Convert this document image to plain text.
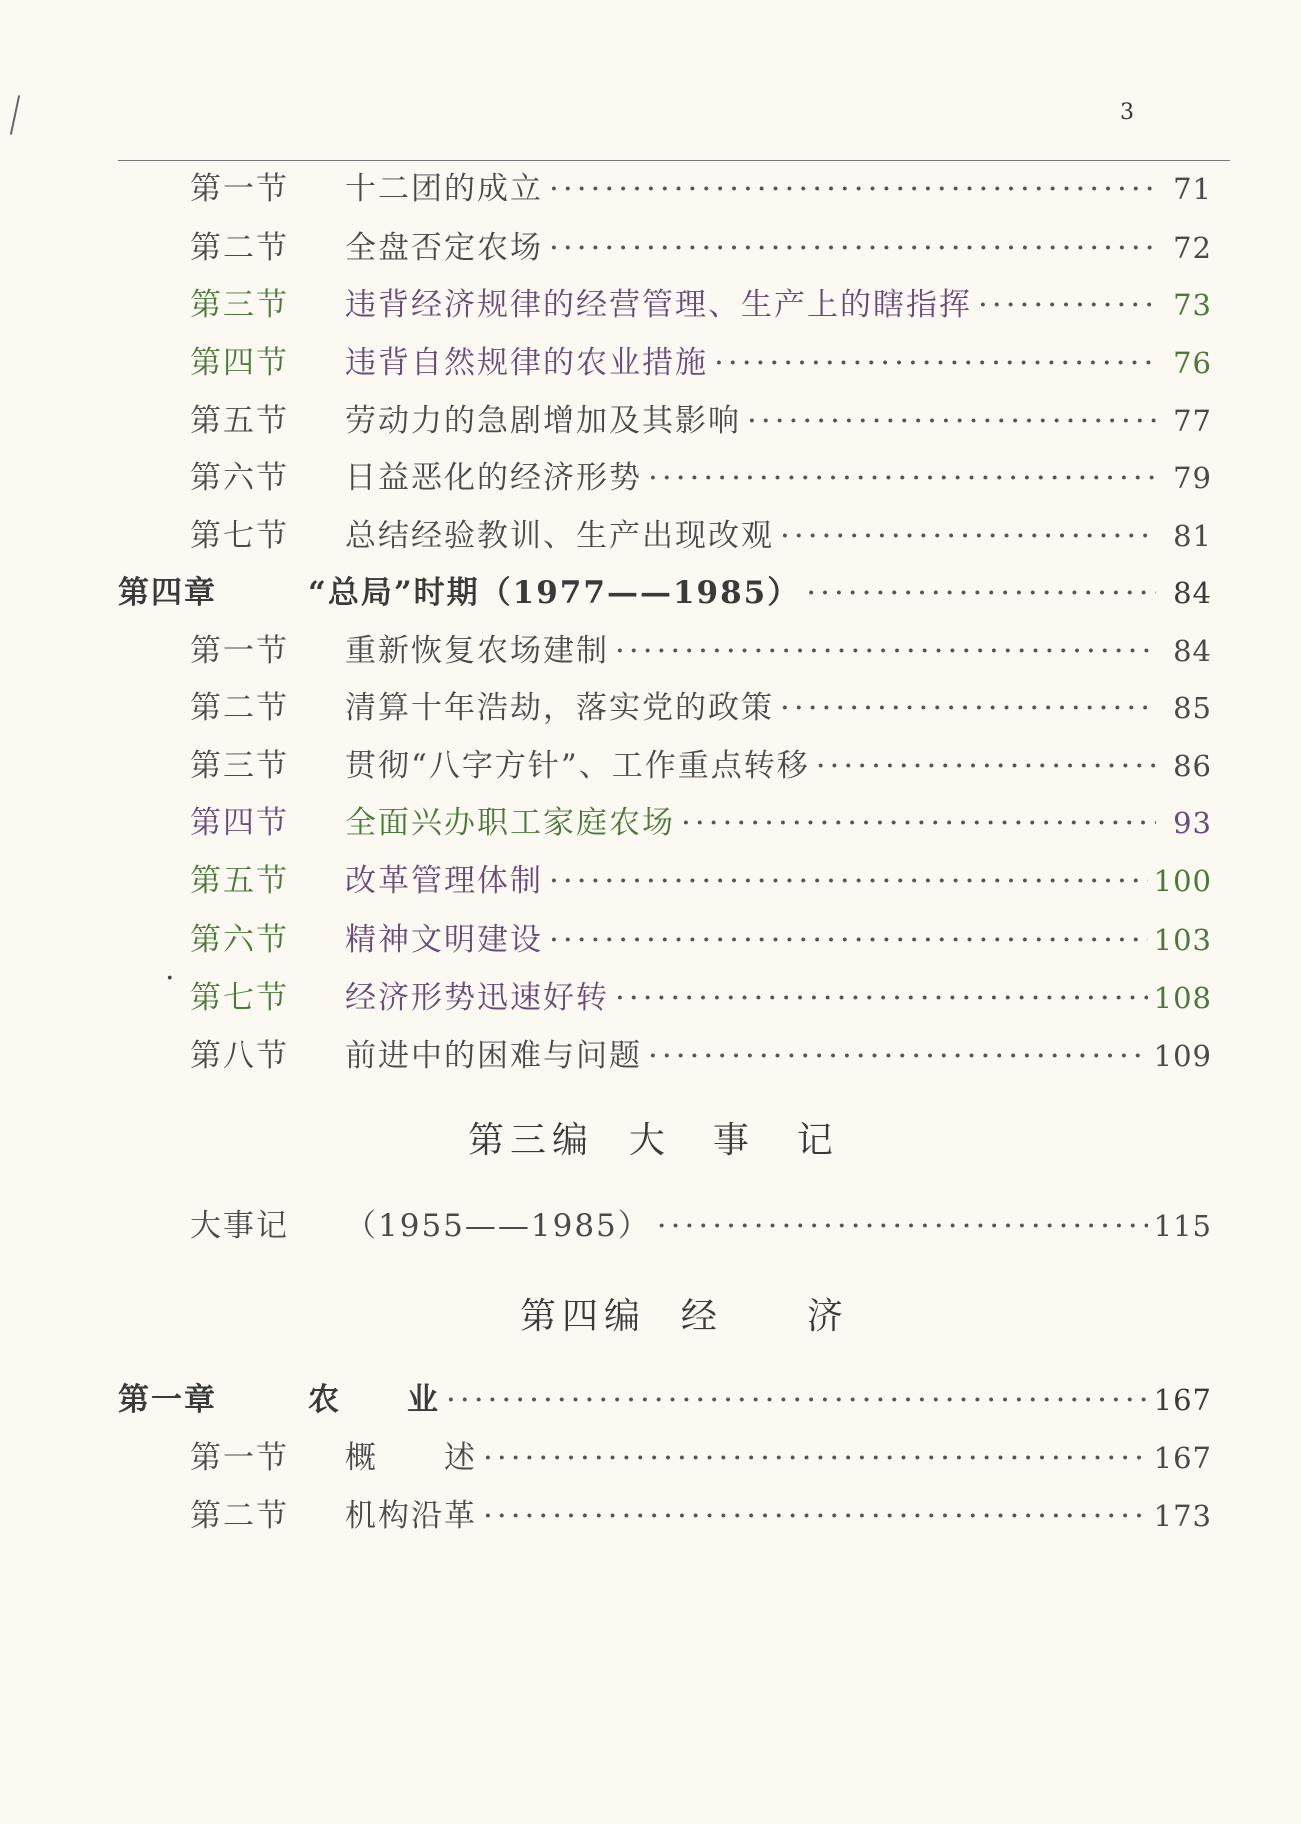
3
第一节	十二团的成立 ·····	71
第二节	全盘否定农场 ·····	72
第三节	违背经济规律的经营管理、生产上的瞎指挥 ·····	73
第四节	违背自然规律的农业措施 ·····	76
第五节	劳动力的急剧增加及其影响 ·····	77
第六节	日益恶化的经济形势 ·····	79
第七节	总结经验教训、生产出现改观 ·····	81
第四章	“总局”时期（1977——1985） ·····	84
第一节	重新恢复农场建制 ·····	84
第二节	清算十年浩劫，落实党的政策 ·····	85
第三节	贯彻“八字方针”、工作重点转移 ·····	86
.
第四节	全面兴办职工家庭农场 ·····	93
第五节	改革管理体制 ·····	100
第六节	精神文明建设 ·····	103
第七节	经济形势迅速好转 ·····	108
第八节	前进中的困难与问题 ·····	109
第三编  大　事　记
大事记	（1955——1985） ·····	115
第四编  经　　济
第一章	农　　业 ·····	167
第一节	概　　述 ·····	167
第二节	机构沿革 ·····	173
